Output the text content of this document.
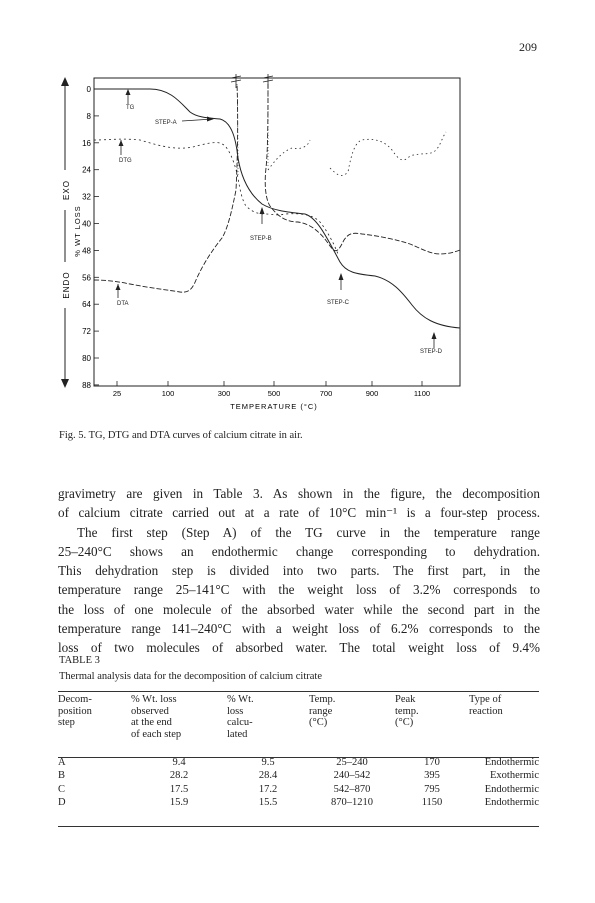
209
EXO
ENDO
% WT LOSS
0
8
16
24
32
40
48
56
64
72
80
88
25	100	300	500	700	900	1100
TEMPERATURE (°C)
TG
STEP-A
DTG
STEP-B
DTA	STEP-C
STEP-D
Fig. 5. TG, DTG and DTA curves of calcium citrate in air.

gravimetry are given in Table 3. As shown in the figure, the decomposition

of calcium citrate carried out at a rate of 10°C min⁻¹ is a four-step process.

The first step (Step A) of the TG curve in the temperature range

25–240°C shows an endothermic change corresponding to dehydration.

This dehydration step is divided into two parts. The first part, in the

temperature range 25–141°C with the weight loss of 3.2% corresponds to

the loss of one molecule of the absorbed water while the second part in the

temperature range 141–240°C with a weight loss of 6.2% corresponds to the

loss of two molecules of absorbed water. The total weight loss of 9.4%

TABLE 3
Thermal analysis data for the decomposition of calcium citrate
Decom-
position
step	% Wt. loss
observed
at the end
of each step	% Wt.
loss
calcu-
lated	Temp.
range
(°C)	Peak
temp.
(°C)	Type of
reaction

A	9.4	9.5	25–240	170	Endothermic
B	28.2	28.4	240–542	395	Exothermic
C	17.5	17.2	542–870	795	Endothermic
D	15.9	15.5	870–1210	1150	Endothermic
